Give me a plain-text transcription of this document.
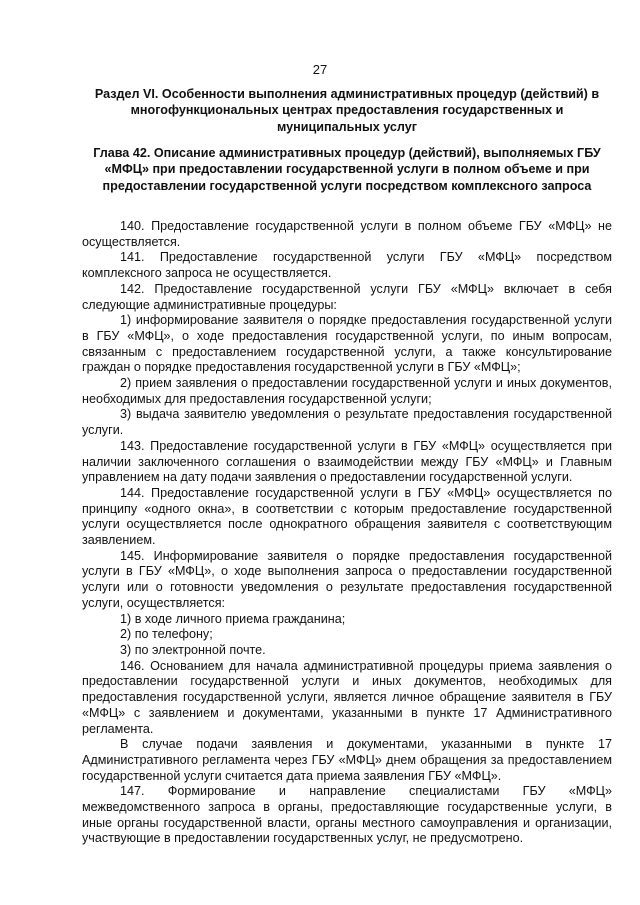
27
Раздел VI. Особенности выполнения административных процедур (действий) в многофункциональных центрах предоставления государственных и муниципальных услуг
Глава 42. Описание административных процедур (действий), выполняемых ГБУ «МФЦ» при предоставлении государственной услуги в полном объеме и при предоставлении государственной услуги посредством комплексного запроса

140. Предоставление государственной услуги в полном объеме ГБУ «МФЦ» не осуществляется.

141. Предоставление государственной услуги ГБУ «МФЦ» посредством комплексного запроса не осуществляется.

142. Предоставление государственной услуги ГБУ «МФЦ» включает в себя следующие административные процедуры:

1) информирование заявителя о порядке предоставления государственной услуги в ГБУ «МФЦ», о ходе предоставления государственной услуги, по иным вопросам, связанным с предоставлением государственной услуги, а также консультирование граждан о порядке предоставления государственной услуги в ГБУ «МФЦ»;

2) прием заявления о предоставлении государственной услуги и иных документов, необходимых для предоставления государственной услуги;

3) выдача заявителю уведомления о результате предоставления государственной услуги.

143. Предоставление государственной услуги в ГБУ «МФЦ» осуществляется при наличии заключенного соглашения о взаимодействии между ГБУ «МФЦ» и Главным управлением на дату подачи заявления о предоставлении государственной услуги.

144. Предоставление государственной услуги в ГБУ «МФЦ» осуществляется по принципу «одного окна», в соответствии с которым предоставление государственной услуги осуществляется после однократного обращения заявителя с соответствующим заявлением.

145. Информирование заявителя о порядке предоставления государственной услуги в ГБУ «МФЦ», о ходе выполнения запроса о предоставлении государственной услуги или о готовности уведомления о результате предоставления государственной услуги, осуществляется:

1) в ходе личного приема гражданина;

2) по телефону;

3) по электронной почте.

146. Основанием для начала административной процедуры приема заявления о предоставлении государственной услуги и иных документов, необходимых для предоставления государственной услуги, является личное обращение заявителя в ГБУ «МФЦ» с заявлением и документами, указанными в пункте 17 Административного регламента.

В случае подачи заявления и документами, указанными в пункте 17 Административного регламента через ГБУ «МФЦ» днем обращения за предоставлением государственной услуги считается дата приема заявления ГБУ «МФЦ».

147. Формирование и направление специалистами ГБУ «МФЦ» межведомственного запроса в органы, предоставляющие государственные услуги, в иные органы государственной власти, органы местного самоуправления и организации, участвующие в предоставлении государственных услуг, не предусмотрено.
